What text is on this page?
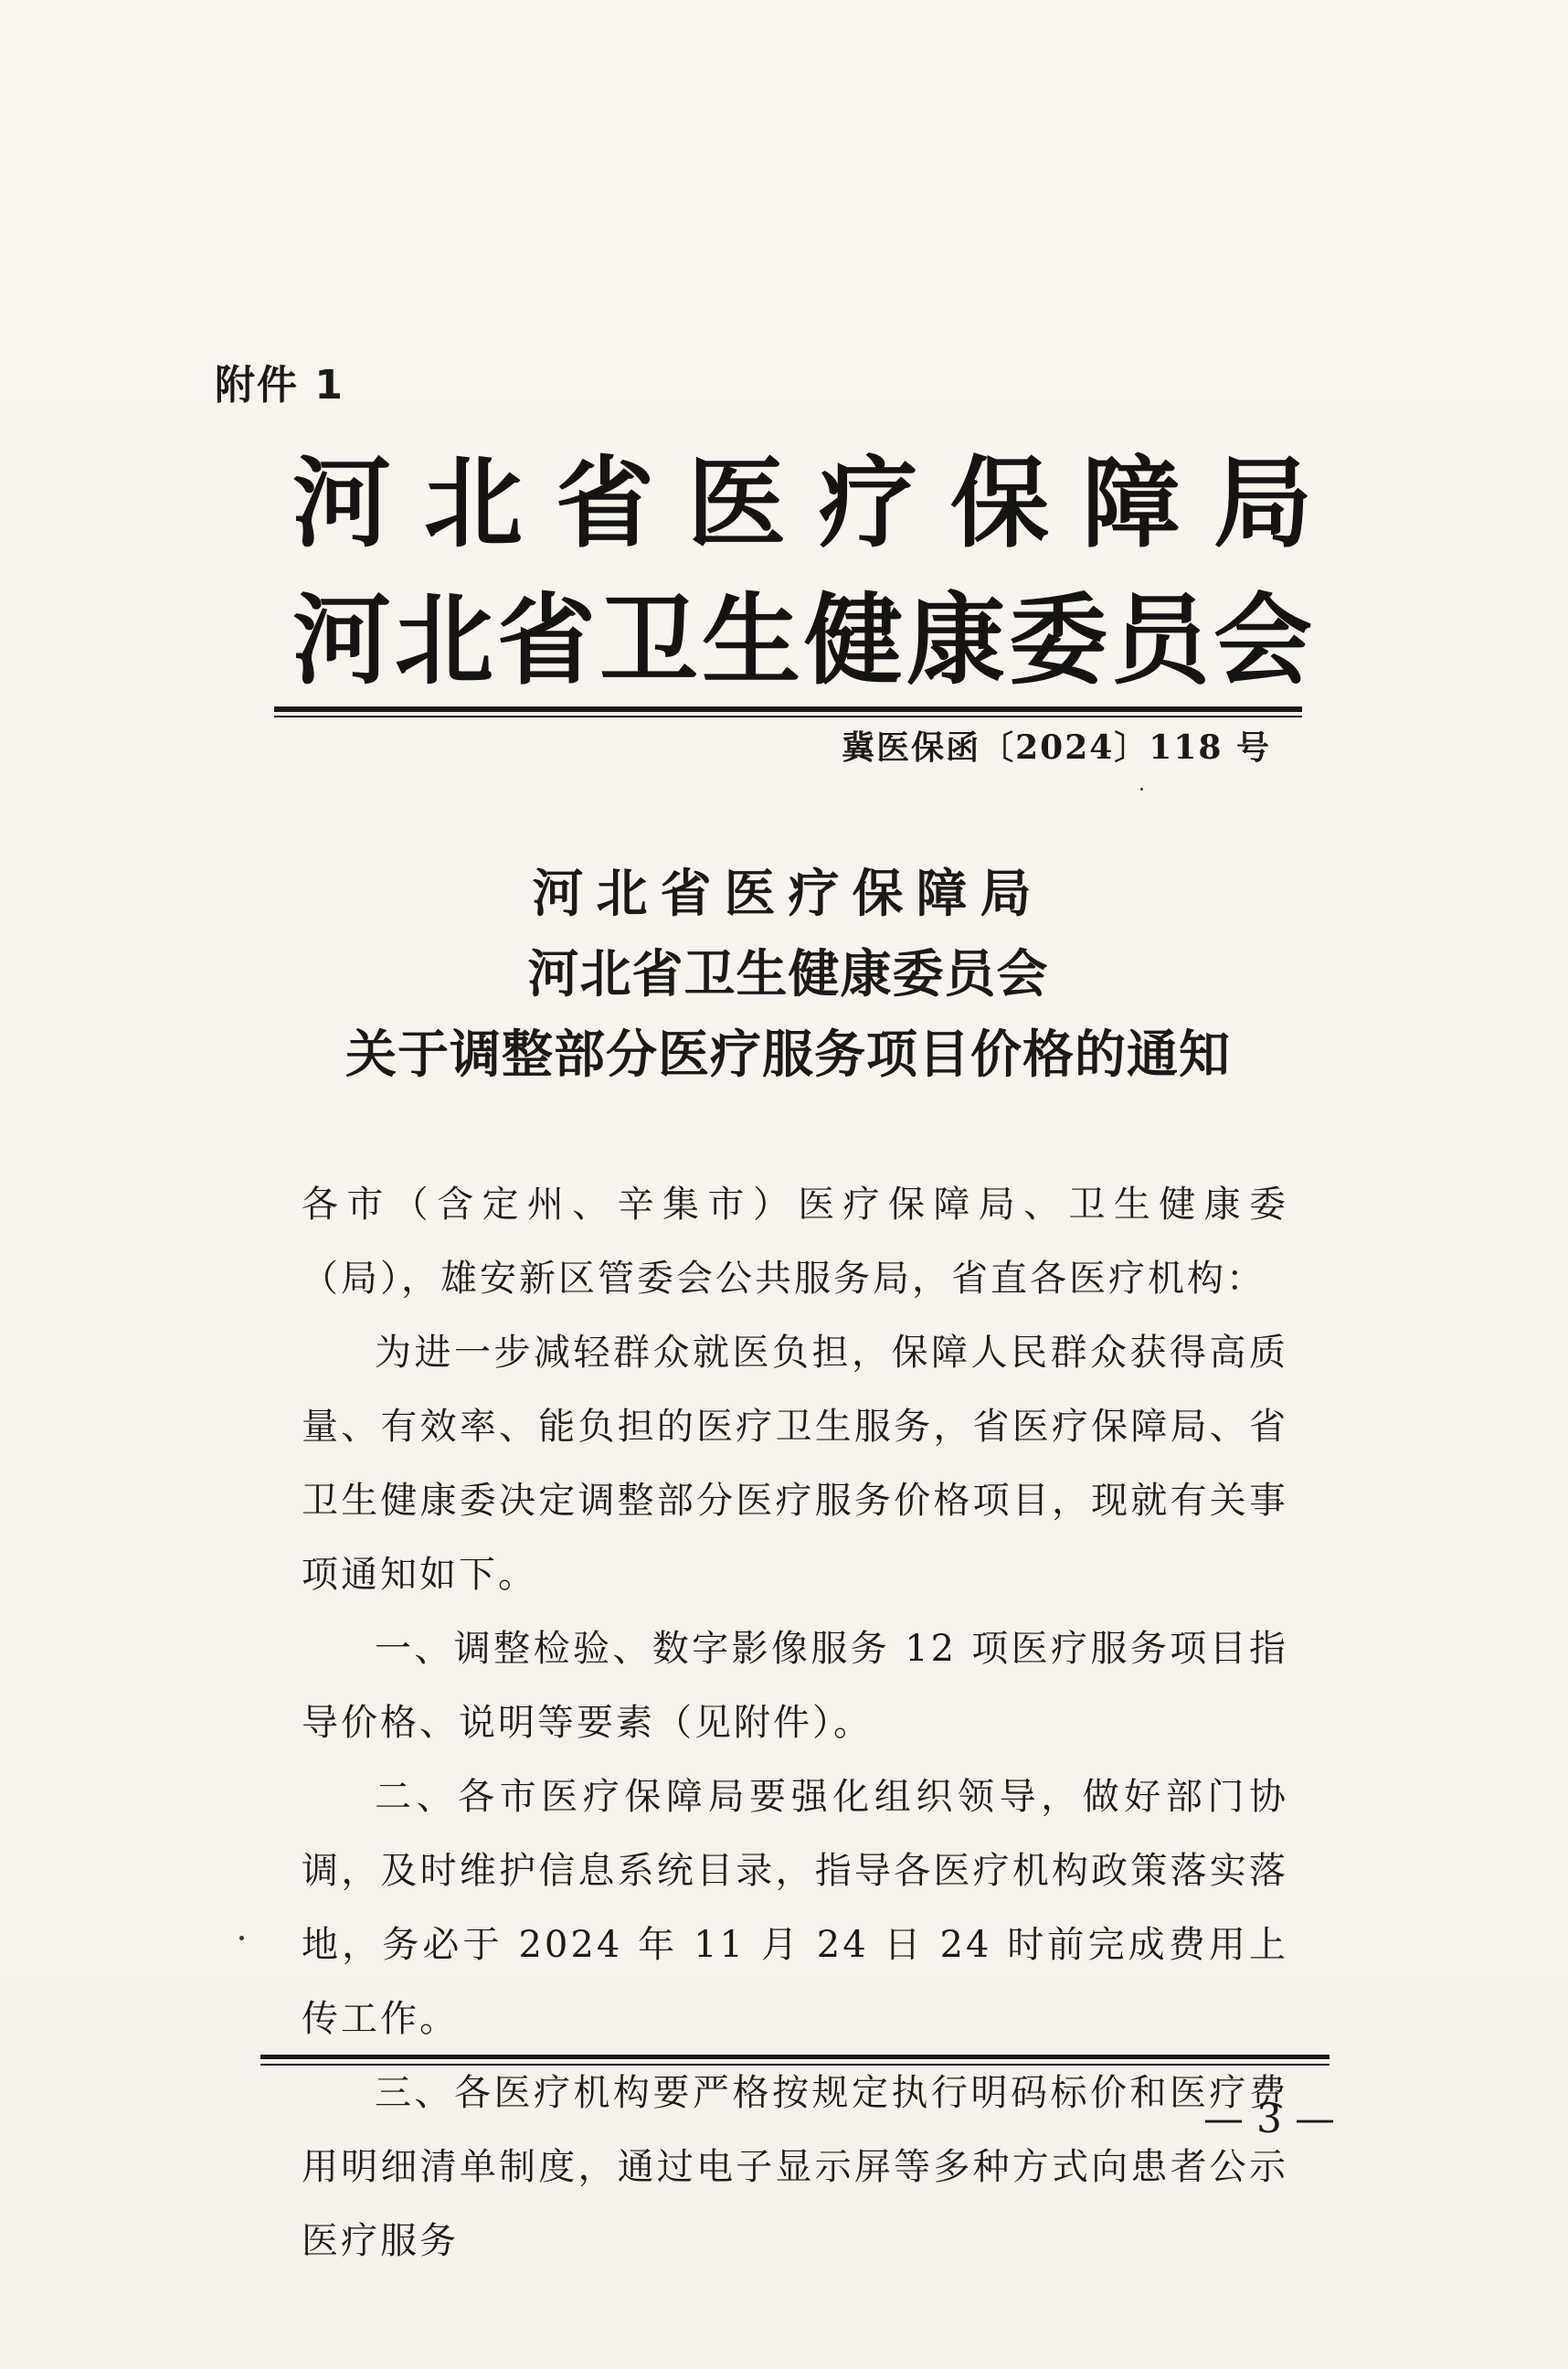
附件 1
河北省医疗保障局
河北省卫生健康委员会
冀医保函〔2024〕118 号
河北省医疗保障局
河北省卫生健康委员会
关于调整部分医疗服务项目价格的通知

各市（含定州、辛集市）医疗保障局、卫生健康委（局），雄安新区管委会公共服务局，省直各医疗机构：

为进一步减轻群众就医负担，保障人民群众获得高质量、有效率、能负担的医疗卫生服务，省医疗保障局、省卫生健康委决定调整部分医疗服务价格项目，现就有关事项通知如下。

一、调整检验、数字影像服务 12 项医疗服务项目指导价格、说明等要素（见附件）。

二、各市医疗保障局要强化组织领导，做好部门协调，及时维护信息系统目录，指导各医疗机构政策落实落地，务必于 2024 年 11 月 24 日 24 时前完成费用上传工作。

三、各医疗机构要严格按规定执行明码标价和医疗费用明细清单制度，通过电子显示屏等多种方式向患者公示医疗服务

— 3 —
